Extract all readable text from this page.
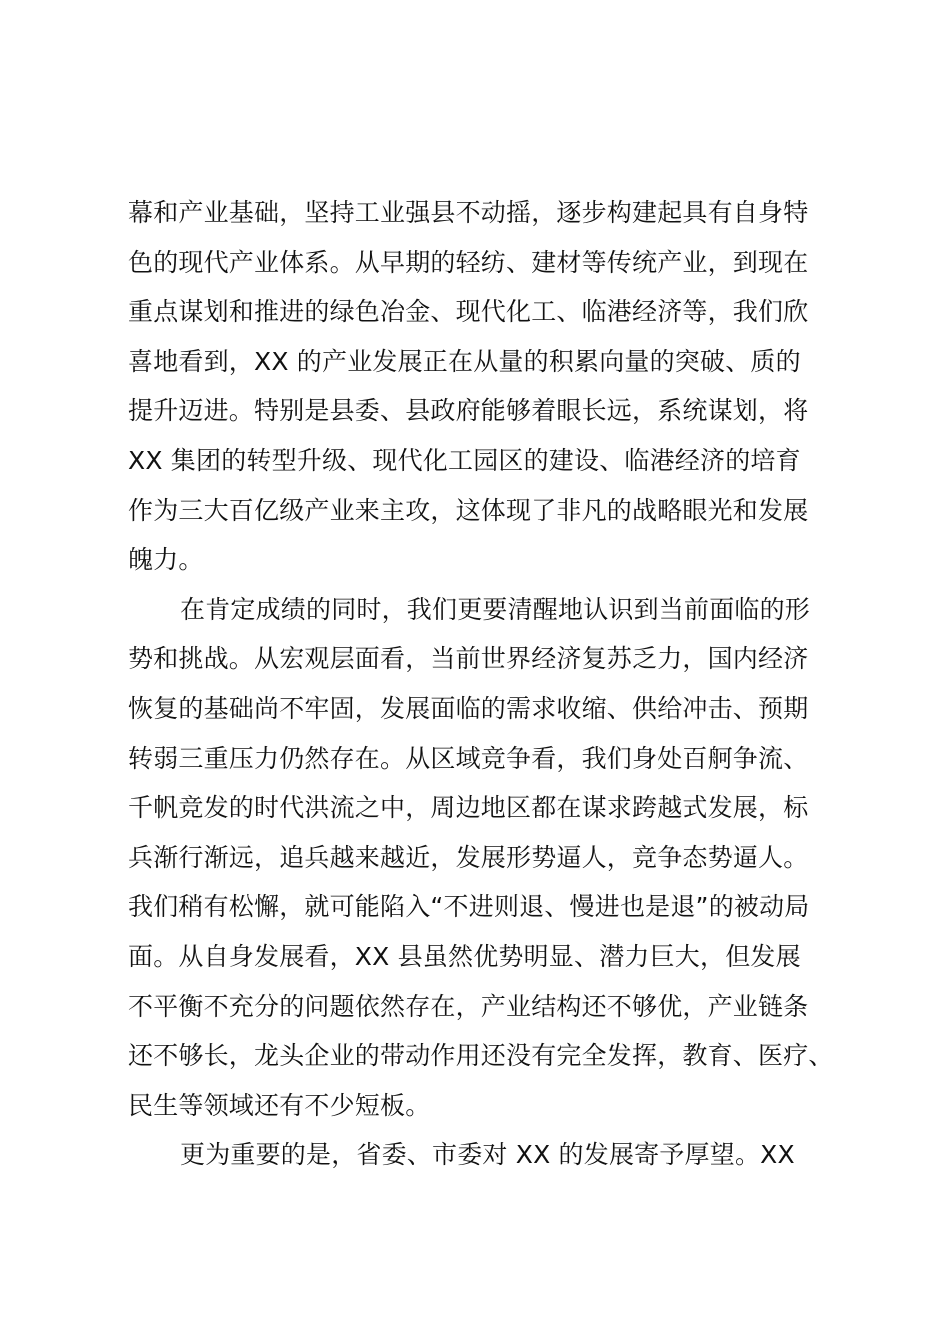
幕和产业基础，坚持工业强县不动摇，逐步构建起具有自身特
色的现代产业体系。从早期的轻纺、建材等传统产业，到现在
重点谋划和推进的绿色冶金、现代化工、临港经济等，我们欣
喜地看到，XX 的产业发展正在从量的积累向量的突破、质的
提升迈进。特别是县委、县政府能够着眼长远，系统谋划，将
XX 集团的转型升级、现代化工园区的建设、临港经济的培育
作为三大百亿级产业来主攻，这体现了非凡的战略眼光和发展
魄力。
在肯定成绩的同时，我们更要清醒地认识到当前面临的形
势和挑战。从宏观层面看，当前世界经济复苏乏力，国内经济
恢复的基础尚不牢固，发展面临的需求收缩、供给冲击、预期
转弱三重压力仍然存在。从区域竞争看，我们身处百舸争流、
千帆竞发的时代洪流之中，周边地区都在谋求跨越式发展，标
兵渐行渐远，追兵越来越近，发展形势逼人，竞争态势逼人。
我们稍有松懈，就可能陷入“不进则退、慢进也是退”的被动局
面。从自身发展看，XX 县虽然优势明显、潜力巨大，但发展
不平衡不充分的问题依然存在，产业结构还不够优，产业链条
还不够长，龙头企业的带动作用还没有完全发挥，教育、医疗、
民生等领域还有不少短板。
更为重要的是，省委、市委对 XX 的发展寄予厚望。XX
